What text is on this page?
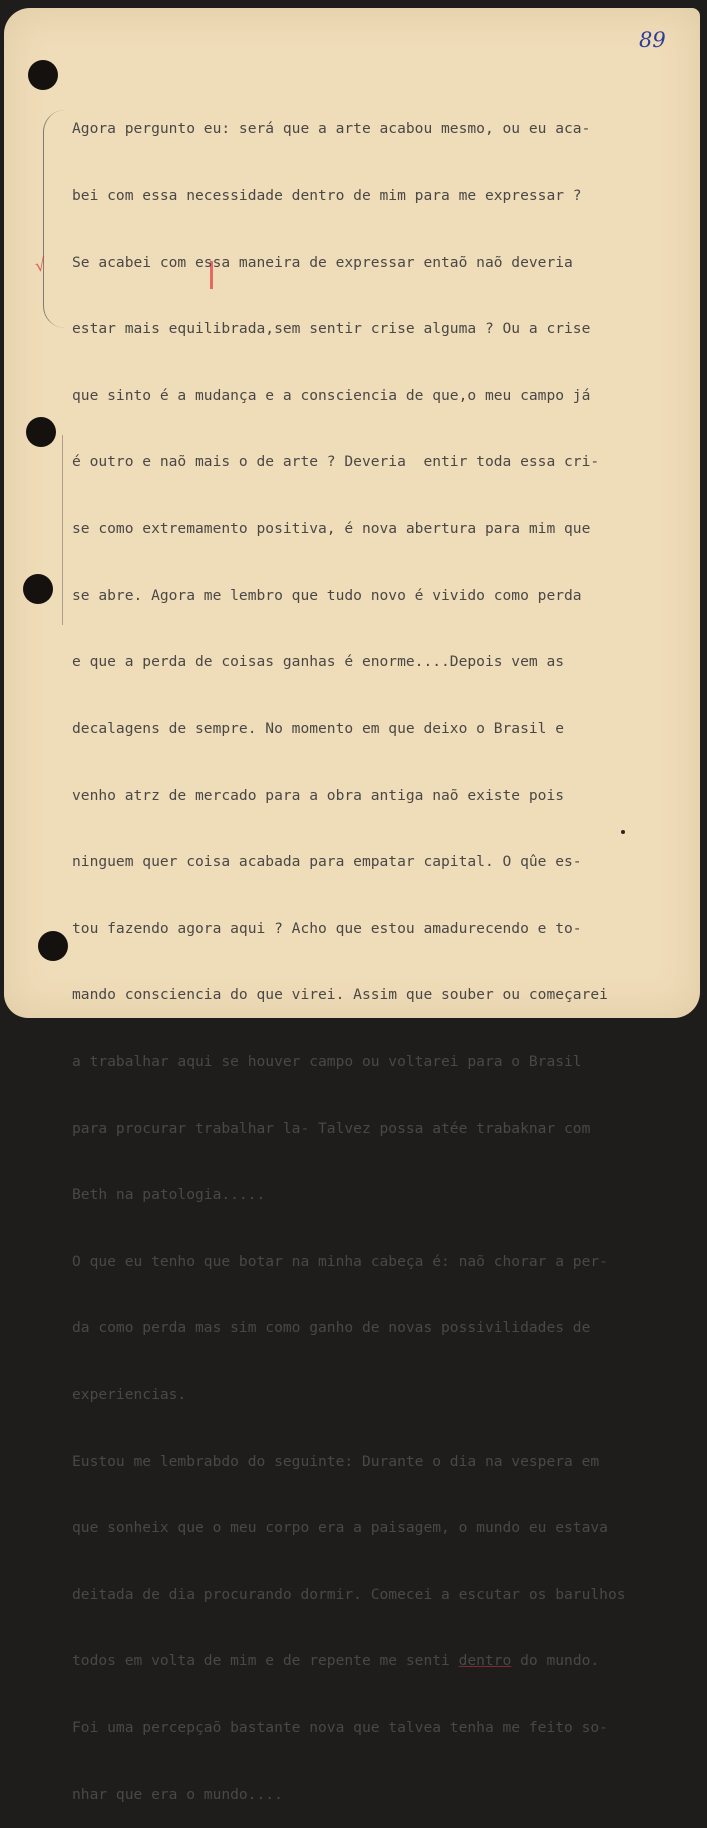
√
89

Agora pergunto eu: será que a arte acabou mesmo, ou eu aca-

bei com essa necessidade dentro de mim para me expressar ?

Se acabei com essa maneira de expressar entaõ naõ deveria

estar mais equilibrada,sem sentir crise alguma ? Ou a crise

que sinto é a mudança e a consciencia de que,o meu campo já

é outro e naõ mais o de arte ? Deveria  entir toda essa cri-

se como extremamento positiva, é nova abertura para mim que

se abre. Agora me lembro que tudo novo é vivido como perda

e que a perda de coisas ganhas é enorme....Depois vem as

decalagens de sempre. No momento em que deixo o Brasil e

venho atrz de mercado para a obra antiga naõ existe pois

ninguem quer coisa acabada para empatar capital. O qûe es-

tou fazendo agora aqui ? Acho que estou amadurecendo e to-

mando consciencia do que virei. Assim que souber ou começarei

a trabalhar aqui se houver campo ou voltarei para o Brasil

para procurar trabalhar la- Talvez possa atée trabaknar com

Beth na patologia.....

O que eu tenho que botar na minha cabeça é: naõ chorar a per-

da como perda mas sim como ganho de novas possivilidades de

experiencias.

Eustou me lembrabdo do seguinte: Durante o dia na vespera em

que sonheix que o meu corpo era a paisagem, o mundo eu estava

deitada de dia procurando dormir. Comecei a escutar os barulhos

todos em volta de mim e de repente me senti dentro do mundo.

Foi uma percepçaõ bastante nova que talvea tenha me feito so-

nhar que era o mundo....
